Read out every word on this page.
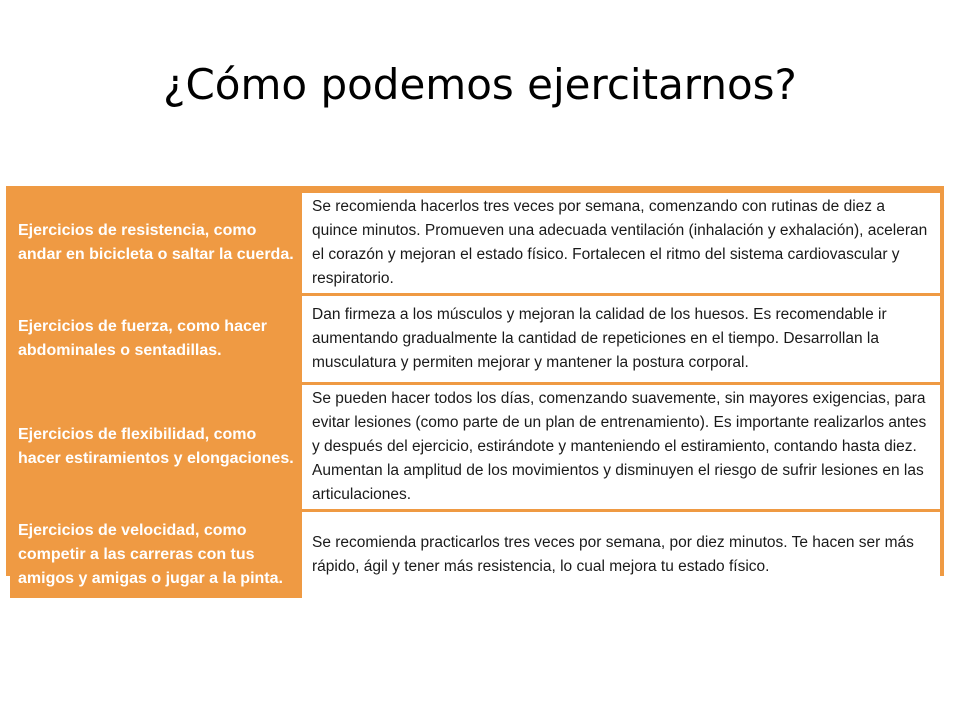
¿Cómo podemos ejercitarnos?
Ejercicios de resistencia, como andar en bicicleta o saltar la cuerda.	Se recomienda hacerlos tres veces por semana, comenzando con rutinas de diez a quince minutos. Promueven una adecuada ventilación (inhalación y exhalación), aceleran el corazón y mejoran el estado físico. Fortalecen el ritmo del sistema cardiovascular y respiratorio.
Ejercicios de fuerza, como hacer abdominales o sentadillas.	Dan firmeza a los músculos y mejoran la calidad de los huesos. Es recomendable ir aumentando gradualmente la cantidad de repeticiones en el tiempo. Desarrollan la musculatura y permiten mejorar y mantener la postura corporal.
Ejercicios de flexibilidad, como hacer estiramientos y elongaciones.	Se pueden hacer todos los días, comenzando suavemente, sin mayores exigencias, para evitar lesiones (como parte de un plan de entrenamiento). Es importante realizarlos antes y después del ejercicio, estirándote y manteniendo el estiramiento, contando hasta diez. Aumentan la amplitud de los movimientos y disminuyen el riesgo de sufrir lesiones en las articulaciones.
Ejercicios de velocidad, como competir a las carreras con tus amigos y amigas o jugar a la pinta.	Se recomienda practicarlos tres veces por semana, por diez minutos. Te hacen ser más rápido, ágil y tener más resistencia, lo cual mejora tu estado físico.
